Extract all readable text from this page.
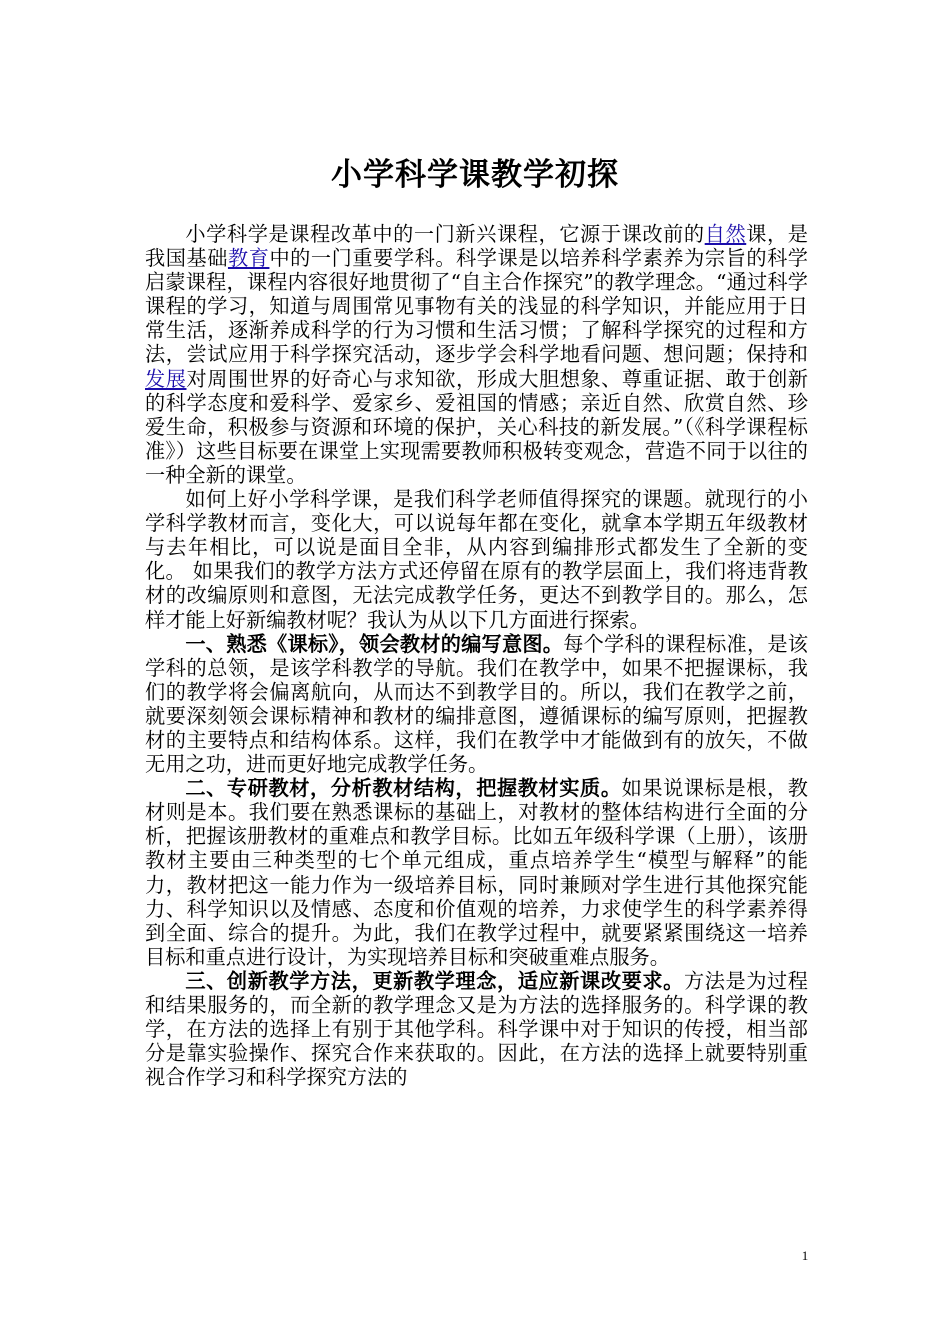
小学科学课教学初探

小学科学是课程改革中的一门新兴课程，它源于课改前的自然课，是我国基础教育中的一门重要学科。科学课是以培养科学素养为宗旨的科学启蒙课程，课程内容很好地贯彻了“自主合作探究”的教学理念。“通过科学课程的学习，知道与周围常见事物有关的浅显的科学知识，并能应用于日常生活，逐渐养成科学的行为习惯和生活习惯；了解科学探究的过程和方法，尝试应用于科学探究活动，逐步学会科学地看问题、想问题；保持和发展对周围世界的好奇心与求知欲，形成大胆想象、尊重证据、敢于创新的科学态度和爱科学、爱家乡、爱祖国的情感；亲近自然、欣赏自然、珍爱生命，积极参与资源和环境的保护，关心科技的新发展。”（《科学课程标准》）这些目标要在课堂上实现需要教师积极转变观念，营造不同于以往的一种全新的课堂。

如何上好小学科学课，是我们科学老师值得探究的课题。就现行的小学科学教材而言，变化大，可以说每年都在变化，就拿本学期五年级教材与去年相比，可以说是面目全非，从内容到编排形式都发生了全新的变化。 如果我们的教学方法方式还停留在原有的教学层面上，我们将违背教材的改编原则和意图，无法完成教学任务，更达不到教学目的。那么，怎样才能上好新编教材呢？我认为从以下几方面进行探索。

一、熟悉《课标》，领会教材的编写意图。每个学科的课程标准，是该学科的总领，是该学科教学的导航。我们在教学中，如果不把握课标，我们的教学将会偏离航向，从而达不到教学目的。所以，我们在教学之前，就要深刻领会课标精神和教材的编排意图，遵循课标的编写原则，把握教材的主要特点和结构体系。这样，我们在教学中才能做到有的放矢，不做无用之功，进而更好地完成教学任务。

二、专研教材，分析教材结构，把握教材实质。如果说课标是根，教材则是本。我们要在熟悉课标的基础上，对教材的整体结构进行全面的分析，把握该册教材的重难点和教学目标。比如五年级科学课（上册），该册教材主要由三种类型的七个单元组成，重点培养学生“模型与解释”的能力，教材把这一能力作为一级培养目标，同时兼顾对学生进行其他探究能力、科学知识以及情感、态度和价值观的培养，力求使学生的科学素养得到全面、综合的提升。为此，我们在教学过程中，就要紧紧围绕这一培养目标和重点进行设计，为实现培养目标和突破重难点服务。

三、创新教学方法，更新教学理念，适应新课改要求。方法是为过程和结果服务的，而全新的教学理念又是为方法的选择服务的。科学课的教学，在方法的选择上有别于其他学科。科学课中对于知识的传授，相当部分是靠实验操作、探究合作来获取的。因此，在方法的选择上就要特别重视合作学习和科学探究方法的

1
